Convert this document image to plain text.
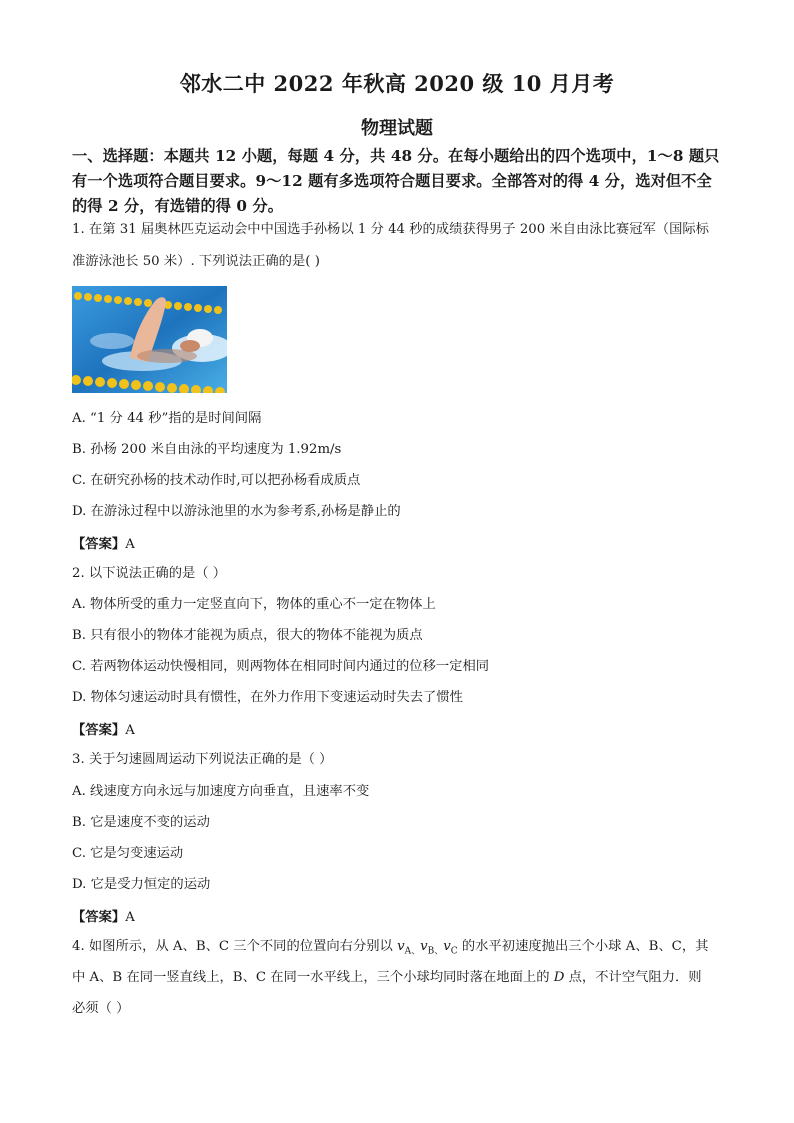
邻水二中 2022 年秋高 2020 级 10 月月考
物理试题
一、选择题：本题共 12 小题，每题 4 分，共 48 分。在每小题给出的四个选项中，1～8 题只有一个选项符合题目要求。9～12 题有多选项符合题目要求。全部答对的得 4 分，选对但不全的得 2 分，有选错的得 0 分。
1. 在第 31 届奥林匹克运动会中中国选手孙杨以 1 分 44 秒的成绩获得男子 200 米自由泳比赛冠军（国际标
准游泳池长 50 米）. 下列说法正确的是( )
A. “1 分 44 秒”指的是时间间隔
B. 孙杨 200 米自由泳的平均速度为 1.92m/s
C. 在研究孙杨的技术动作时,可以把孙杨看成质点
D. 在游泳过程中以游泳池里的水为参考系,孙杨是静止的
【答案】A
2. 以下说法正确的是（ ）
A. 物体所受的重力一定竖直向下，物体的重心不一定在物体上
B. 只有很小的物体才能视为质点，很大的物体不能视为质点
C. 若两物体运动快慢相同，则两物体在相同时间内通过的位移一定相同
D. 物体匀速运动时具有惯性，在外力作用下变速运动时失去了惯性
【答案】A
3. 关于匀速圆周运动下列说法正确的是（ ）
A. 线速度方向永远与加速度方向垂直，且速率不变
B. 它是速度不变的运动
C. 它是匀变速运动
D. 它是受力恒定的运动
【答案】A
4. 如图所示，从 A、B、C 三个不同的位置向右分别以 $v_{A、}v_{B、}v_C$ 的水平初速度抛出三个小球 A、B、C，其
中 A、B 在同一竖直线上，B、C 在同一水平线上，三个小球均同时落在地面上的 D 点，不计空气阻力．则
必须（ ）
